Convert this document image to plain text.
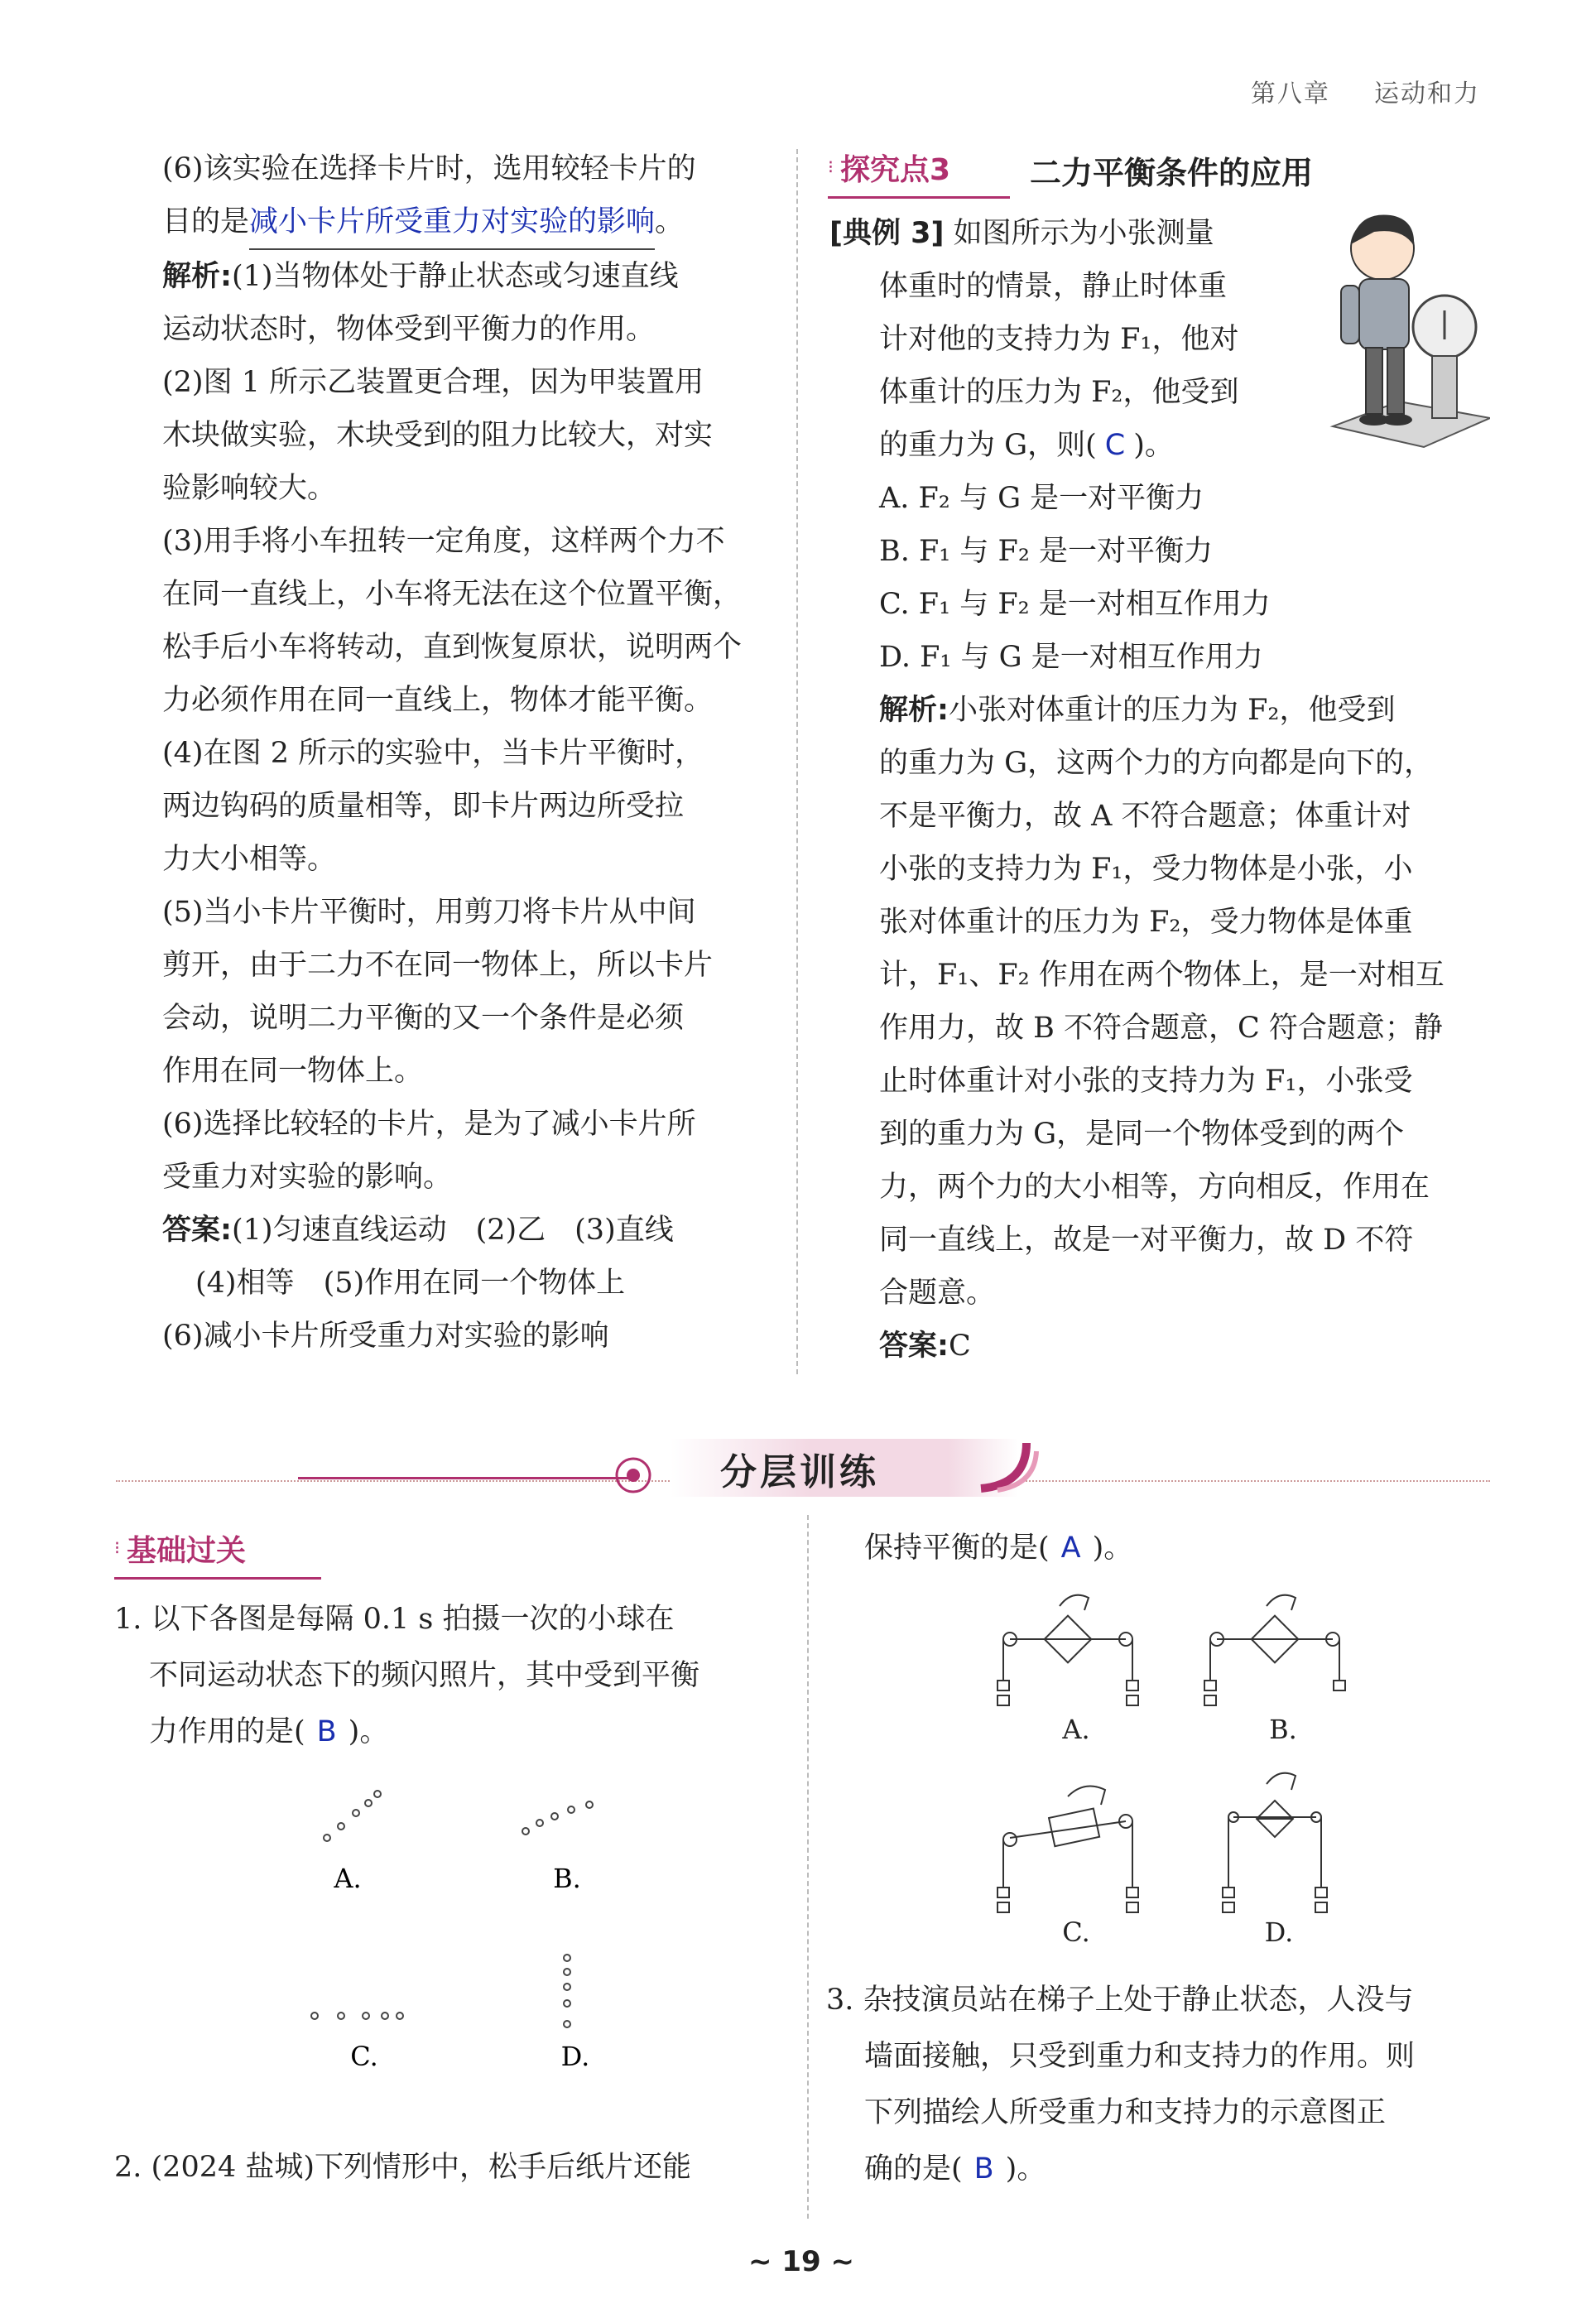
第八章 运动和力

(6)该实验在选择卡片时，选用较轻卡片的

目的是减小卡片所受重力对实验的影响。

解析:(1)当物体处于静止状态或匀速直线

运动状态时，物体受到平衡力的作用。

(2)图 1 所示乙装置更合理，因为甲装置用

木块做实验，木块受到的阻力比较大，对实

验影响较大。

(3)用手将小车扭转一定角度，这样两个力不

在同一直线上，小车将无法在这个位置平衡，

松手后小车将转动，直到恢复原状，说明两个

力必须作用在同一直线上，物体才能平衡。

(4)在图 2 所示的实验中，当卡片平衡时，

两边钩码的质量相等，即卡片两边所受拉

力大小相等。

(5)当小卡片平衡时，用剪刀将卡片从中间

剪开，由于二力不在同一物体上，所以卡片

会动，说明二力平衡的又一个条件是必须

作用在同一物体上。

(6)选择比较轻的卡片，是为了减小卡片所

受重力对实验的影响。

答案:(1)匀速直线运动　(2)乙　(3)直线

(4)相等　(5)作用在同一个物体上

(6)减小卡片所受重力对实验的影响

⁝ 探究点3	二力平衡条件的应用

[典例 3] 如图所示为小张测量

体重时的情景，静止时体重

计对他的支持力为 F₁，他对

体重计的压力为 F₂，他受到

的重力为 G，则( C )。

A. F₂ 与 G 是一对平衡力

B. F₁ 与 F₂ 是一对平衡力

C. F₁ 与 F₂ 是一对相互作用力

D. F₁ 与 G 是一对相互作用力

解析:小张对体重计的压力为 F₂，他受到

的重力为 G，这两个力的方向都是向下的，

不是平衡力，故 A 不符合题意；体重计对

小张的支持力为 F₁，受力物体是小张，小

张对体重计的压力为 F₂，受力物体是体重

计，F₁、F₂ 作用在两个物体上，是一对相互

作用力，故 B 不符合题意，C 符合题意；静

止时体重计对小张的支持力为 F₁，小张受

到的重力为 G，是同一个物体受到的两个

力，两个力的大小相等，方向相反，作用在

同一直线上，故是一对平衡力，故 D 不符

合题意。

答案:C

分层训练
⁝ 基础过关

1. 以下各图是每隔 0.1 s 拍摄一次的小球在

不同运动状态下的频闪照片，其中受到平衡

力作用的是( B )。

A.	B.
C.	D.

2. (2024 盐城)下列情形中，松手后纸片还能

保持平衡的是( A )。

A.	B.
C.	D.

3. 杂技演员站在梯子上处于静止状态，人没与

墙面接触，只受到重力和支持力的作用。则

下列描绘人所受重力和支持力的示意图正

确的是( B )。

~ 19 ~
